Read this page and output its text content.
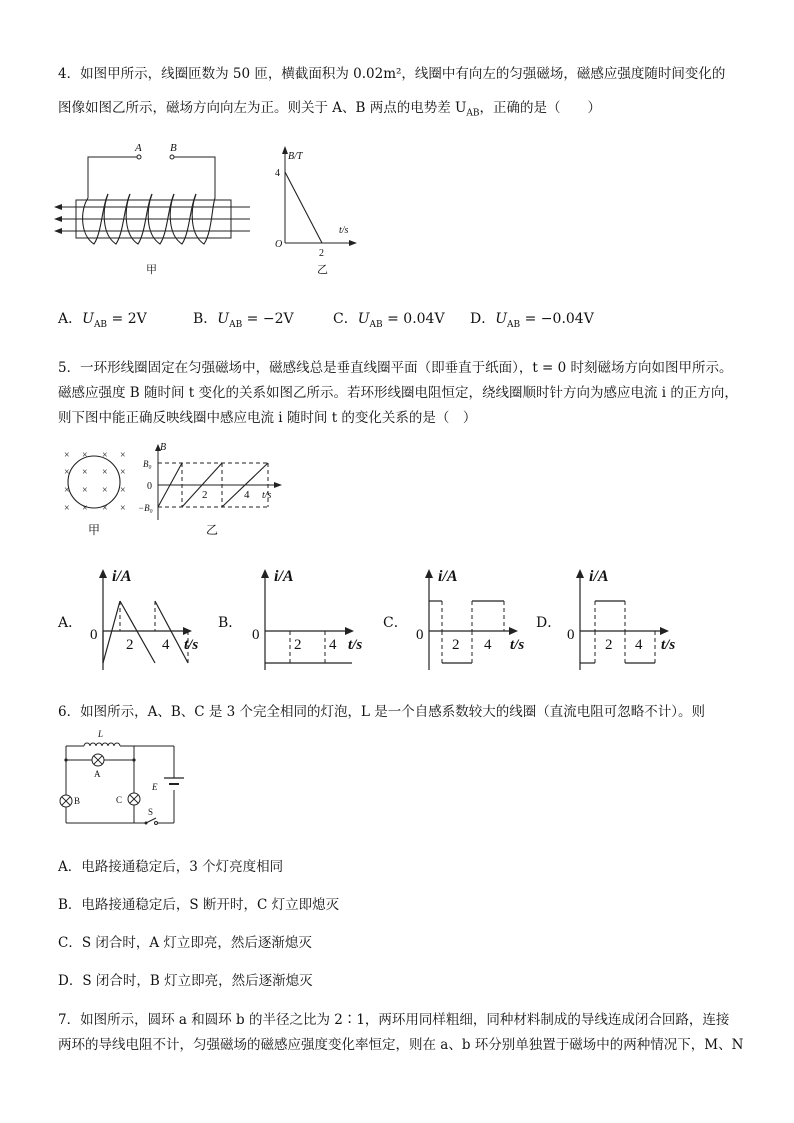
4．如图甲所示，线圈匝数为 50 匝，横截面积为 0.02m²，线圈中有向左的匀强磁场，磁感应强度随时间变化的
图像如图乙所示，磁场方向向左为正。则关于 A、B 两点的电势差 $U_{AB}$，正确的是（　　）
A	B
甲
B/T
t/s
O
4
2
乙
A．$U_{AB} = 2V$	B．$U_{AB} = -2V$	C．$U_{AB} = 0.04V$ D．$U_{AB} = -0.04V$
5．一环形线圈固定在匀强磁场中，磁感线总是垂直线圈平面（即垂直于纸面），t = 0 时刻磁场方向如图甲所示。
磁感应强度 B 随时间 t 变化的关系如图乙所示。若环形线圈电阻恒定，绕线圈顺时针方向为感应电流 i 的正方向，
则下图中能正确反映线圈中感应电流 i 随时间 t 的变化关系的是（　）
× × × ×
× × × ×
× × × ×
× × × ×
甲
B
B₀
0
−B₀
2	4 t/s
乙
A．
i/A
0
2 4 t/s
B．
i/A
0
2 4 t/s
C．
i/A
0
2 4 t/s
D．
i/A
0
2 4 t/s
6．如图所示，A、B、C 是 3 个完全相同的灯泡，L 是一个自感系数较大的线圈（直流电阻可忽略不计）。则
L
A
B	C
E
S
A．电路接通稳定后，3 个灯亮度相同
B．电路接通稳定后，S 断开时，C 灯立即熄灭
C．S 闭合时，A 灯立即亮，然后逐渐熄灭
D．S 闭合时，B 灯立即亮，然后逐渐熄灭
7．如图所示，圆环 a 和圆环 b 的半径之比为 2∶1，两环用同样粗细，同种材料制成的导线连成闭合回路，连接
两环的导线电阻不计，匀强磁场的磁感应强度变化率恒定，则在 a、b 环分别单独置于磁场中的两种情况下，M、N
